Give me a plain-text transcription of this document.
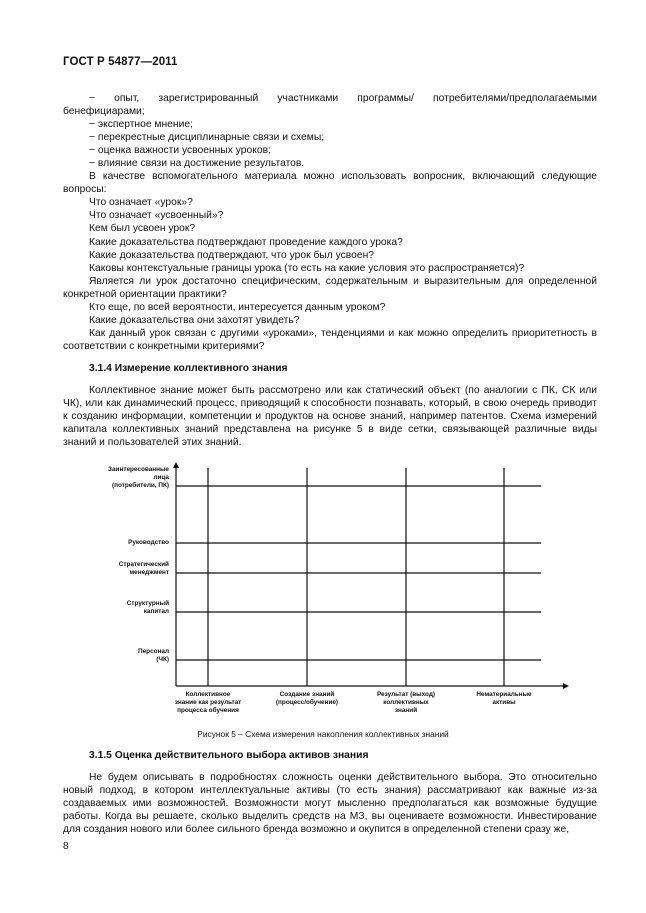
ГОСТ Р 54877—2011

− опыт, зарегистрированный участниками программы/ потребителями/предполагаемыми бенефициарами;

− экспертное мнение;

− перекрестные дисциплинарные связи и схемы;

− оценка важности усвоенных уроков;

− влияние связи на достижение результатов.

В качестве вспомогательного материала можно использовать вопросник, включающий следующие вопросы:

Что означает «урок»?

Что означает «усвоенный»?

Кем был усвоен урок?

Какие доказательства подтверждают проведение каждого урока?

Какие доказательства подтверждают, что урок был усвоен?

Каковы контекстуальные границы урока (то есть на какие условия это распространяется)?

Является ли урок достаточно специфическим, содержательным и выразительным для определенной конкретной ориентации практики?

Кто еще, по всей вероятности, интересуется данным уроком?

Какие доказательства они захотят увидеть?

Как данный урок связан с другими «уроками», тенденциями и как можно определить приоритетность в соответствии с конкретными критериями?

3.1.4 Измерение коллективного знания

Коллективное знание может быть рассмотрено или как статический объект (по аналогии с ПК, СК или ЧК), или как динамический процесс, приводящий к способности познавать, который, в свою очередь приводит к созданию информации, компетенции и продуктов на основе знаний, например патентов. Схема измерений капитала коллективных знаний представлена на рисунке 5 в виде сетки, связывающей различные виды знаний и пользователей этих знаний.

Заинтересованные
лица
(потребители, ПК)
Руководство
Стратегический
менеджмент
Структурный
капитал
Персонал
(ЧК)
Коллективное
знание как результат
процесса обучения
Создание знаний
(процесс/обучение)
Результат (выход)
коллективных
знаний
Нематериальные
активы
Рисунок 5 – Схема измерения накопления коллективных знаний

3.1.5 Оценка действительного выбора активов знания

Не будем описывать в подробностях сложность оценки действительного выбора. Это относительно новый подход, в котором интеллектуальные активы (то есть знания) рассматривают как важные из-за создаваемых ими возможностей. Возможности могут мысленно предполагаться как возможные будущие работы. Когда вы решаете, сколько выделить средств на МЗ, вы оцениваете возможности. Инвестирование для создания нового или более сильного бренда возможно и окупится в определенной степени сразу же,

8
